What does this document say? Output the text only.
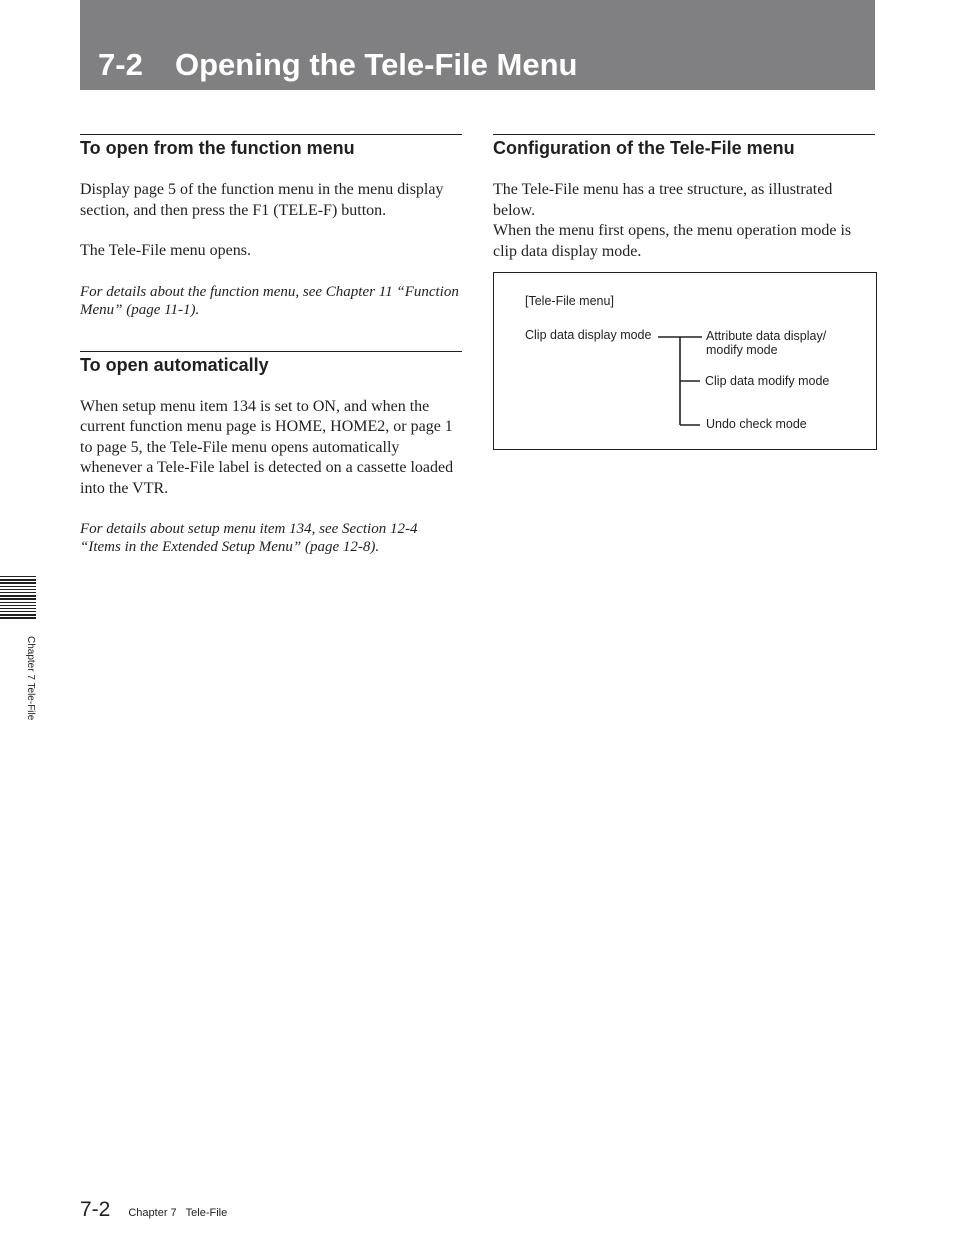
7-2 Opening the Tele-File Menu
To open from the function menu

Display page 5 of the function menu in the menu display section, and then press the F1 (TELE-F) button.

The Tele-File menu opens.

For details about the function menu, see Chapter 11 “Function Menu” (page 11-1).

To open automatically

When setup menu item 134 is set to ON, and when the current function menu page is HOME, HOME2, or page 1 to page 5, the Tele-File menu opens automatically whenever a Tele-File label is detected on a cassette loaded into the VTR.

For details about setup menu item 134, see Section 12-4 “Items in the Extended Setup Menu” (page 12-8).

Configuration of the Tele-File menu

The Tele-File menu has a tree structure, as illustrated below.

When the menu first opens, the menu operation mode is clip data display mode.

[Tele-File menu]
Clip data display mode	Attribute data display/
modify mode
Clip data modify mode
Undo check mode
Chapter 7 Tele-File
7-2 Chapter 7   Tele-File
